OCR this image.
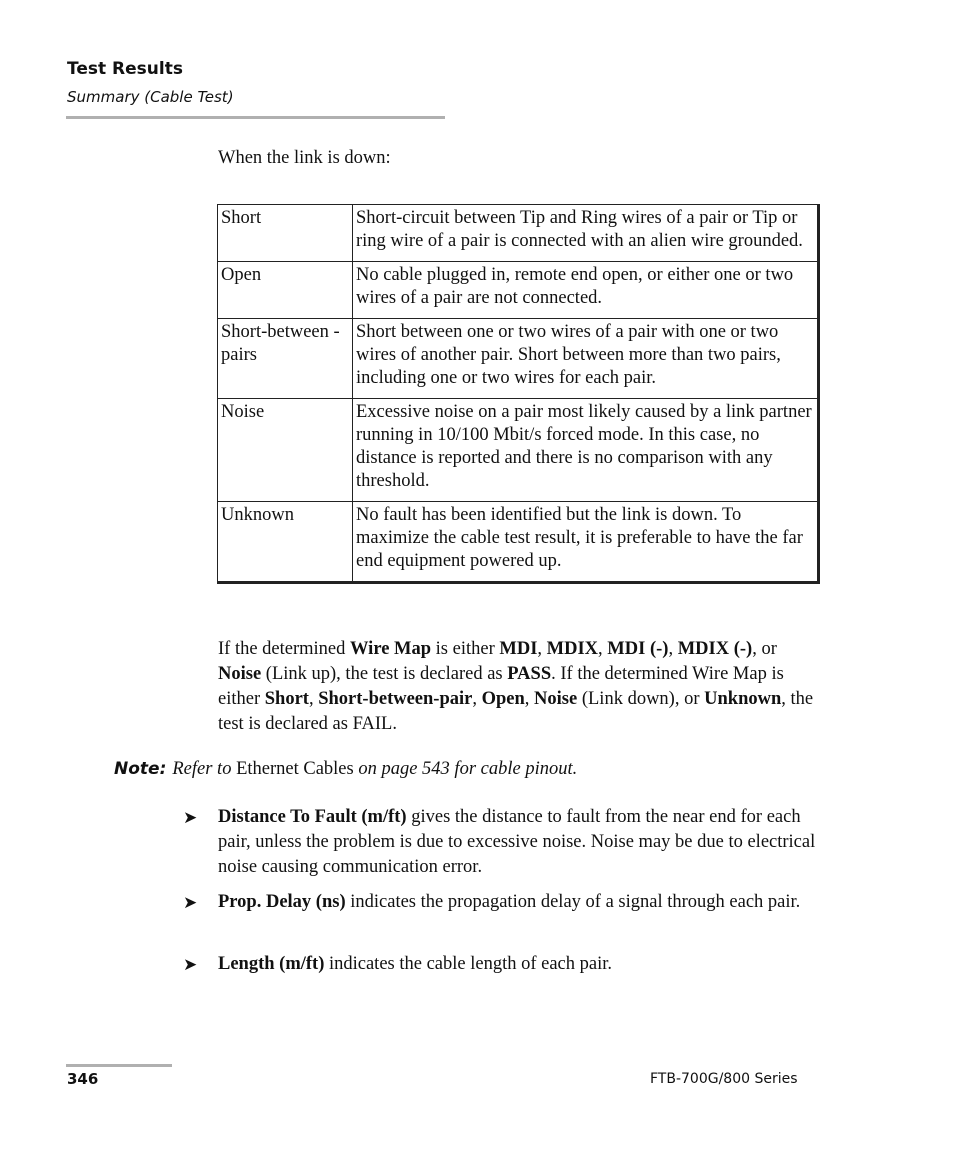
Test Results
Summary (Cable Test)
When the link is down:
Short	Short-circuit between Tip and Ring wires of a pair or Tip or ring wire of a pair is connected with an alien wire grounded.
Open	No cable plugged in, remote end open, or either one or two wires of a pair are not connected.
Short-between -pairs	Short between one or two wires of a pair with one or two wires of another pair. Short between more than two pairs, including one or two wires for each pair.
Noise	Excessive noise on a pair most likely caused by a link partner running in 10/100 Mbit/s forced mode. In this case, no distance is reported and there is no comparison with any threshold.
Unknown	No fault has been identified but the link is down. To maximize the cable test result, it is preferable to have the far end equipment powered up.
If the determined Wire Map is either MDI, MDIX, MDI (-), MDIX (-), or Noise (Link up), the test is declared as PASS. If the determined Wire Map is either Short, Short-between-pair, Open, Noise (Link down), or Unknown, the test is declared as FAIL.
Note: Refer to Ethernet Cables on page 543 for cable pinout.
➤ Distance To Fault (m/ft) gives the distance to fault from the near end for each pair, unless the problem is due to excessive noise. Noise may be due to electrical noise causing communication error.
➤ Prop. Delay (ns) indicates the propagation delay of a signal through each pair.
➤ Length (m/ft) indicates the cable length of each pair.
346	FTB-700G/800 Series
